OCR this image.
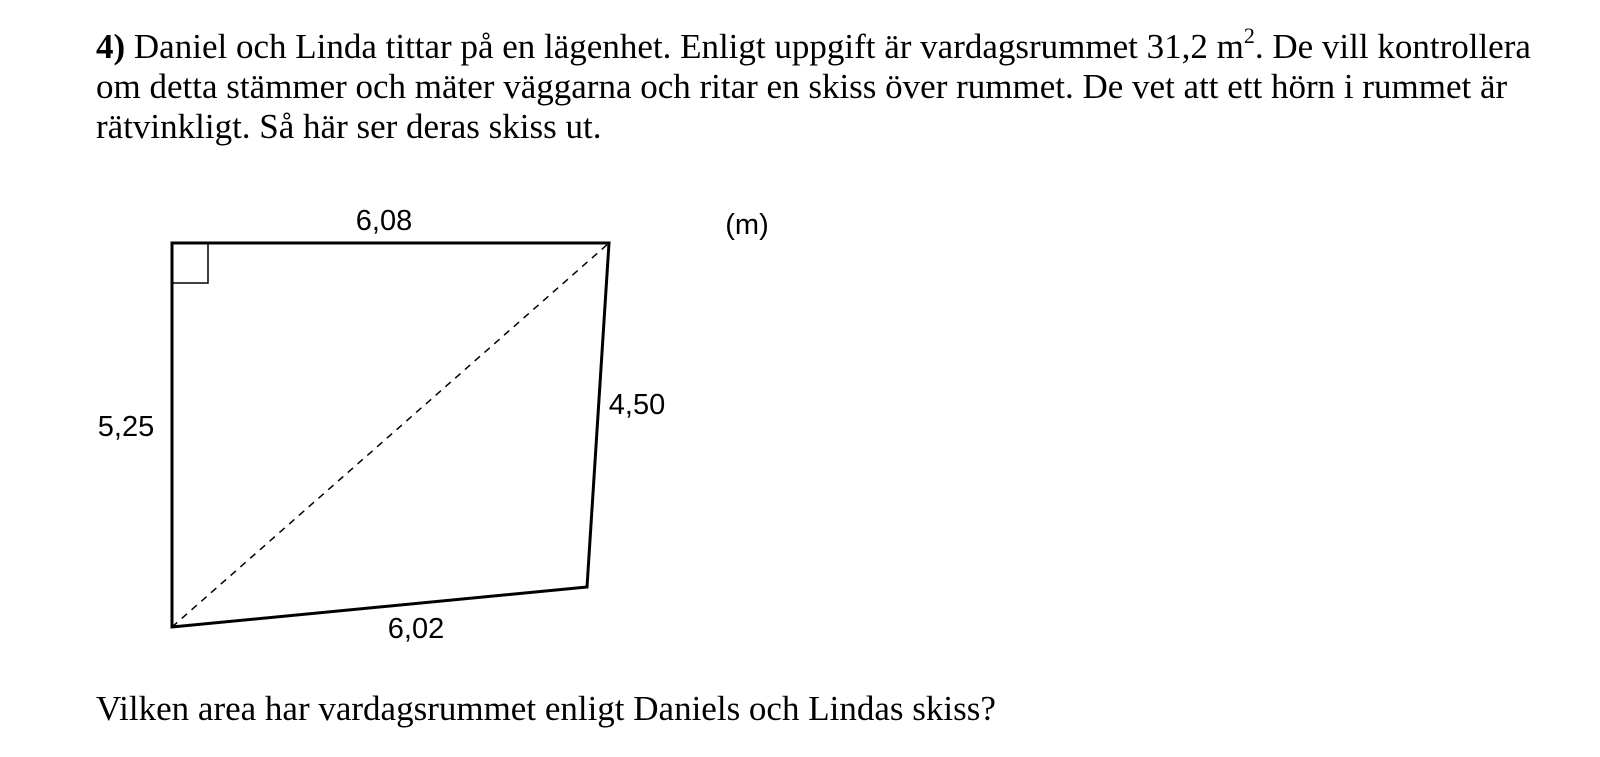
4) Daniel och Linda tittar på en lägenhet. Enligt uppgift är vardagsrummet 31,2 $m^2$. De vill kontrollera om detta stämmer och mäter väggarna och ritar en skiss över rummet. De vet att ett hörn i rummet är rätvinkligt. Så här ser deras skiss ut.

6,08
5,25
4,50
6,02
(m)

Vilken area har vardagsrummet enligt Daniels och Lindas skiss?
